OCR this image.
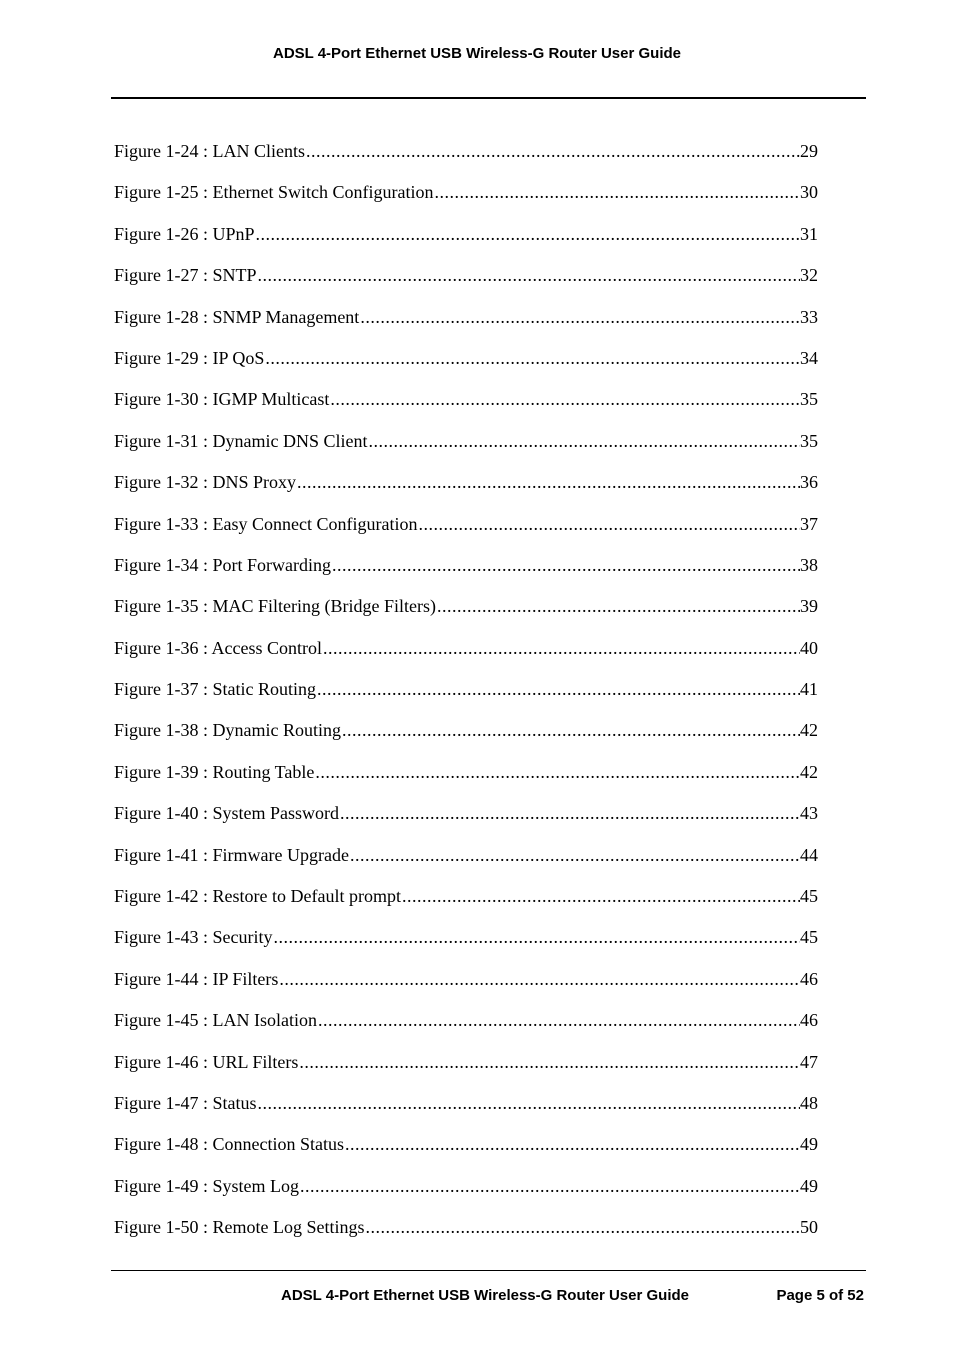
ADSL 4-Port Ethernet USB Wireless-G Router User Guide
Figure 1-24 : LAN Clients .....	29
Figure 1-25 : Ethernet Switch Configuration .....	30
Figure 1-26 : UPnP .....	31
Figure 1-27 : SNTP .....	32
Figure 1-28 : SNMP Management .....	33
Figure 1-29 : IP QoS .....	34
Figure 1-30 : IGMP Multicast .....	35
Figure 1-31 : Dynamic DNS Client .....	35
Figure 1-32 : DNS Proxy .....	36
Figure 1-33 : Easy Connect Configuration .....	37
Figure 1-34 : Port Forwarding .....	38
Figure 1-35 : MAC Filtering (Bridge Filters) .....	39
Figure 1-36 : Access Control .....	40
Figure 1-37 : Static Routing .....	41
Figure 1-38 : Dynamic Routing .....	42
Figure 1-39 : Routing Table .....	42
Figure 1-40 : System Password .....	43
Figure 1-41 : Firmware Upgrade .....	44
Figure 1-42 : Restore to Default prompt .....	45
Figure 1-43 : Security .....	45
Figure 1-44 : IP Filters .....	46
Figure 1-45 : LAN Isolation .....	46
Figure 1-46 : URL Filters .....	47
Figure 1-47 : Status .....	48
Figure 1-48 : Connection Status .....	49
Figure 1-49 : System Log .....	49
Figure 1-50 : Remote Log Settings .....	50
ADSL 4-Port Ethernet USB Wireless-G Router User Guide	Page 5 of 52
